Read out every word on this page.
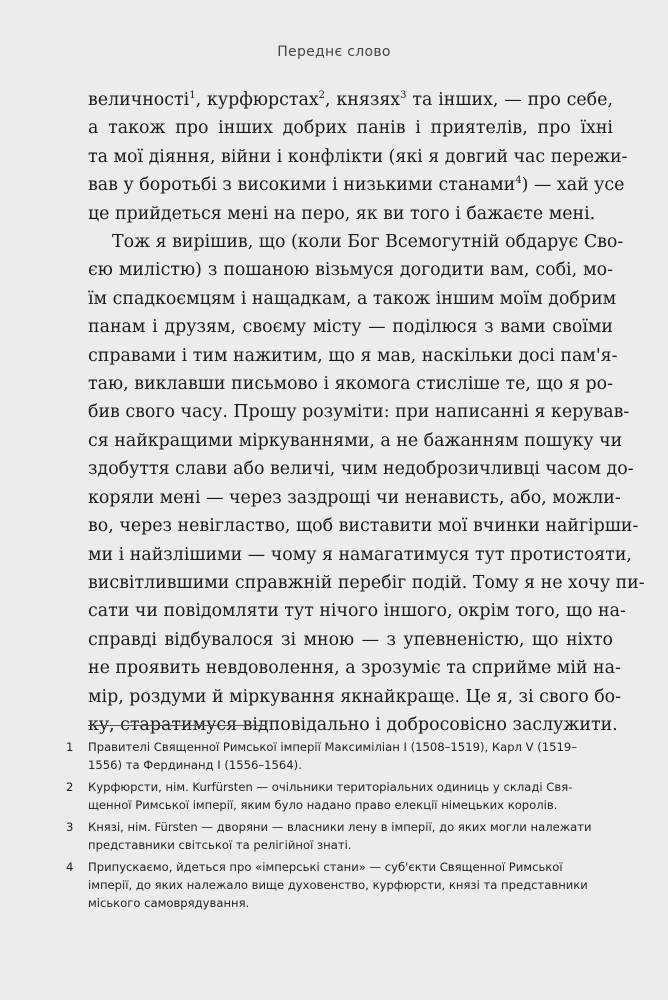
Переднє слово
величності$^1$, курфюрстах$^2$, князях$^3$ та інших, — про себе,
а також про інших добрих панів і приятелів, про їхні
та мої діяння, війни і конфлікти (які я довгий час пережи-
вав у боротьбі з високими і низькими станами$^4$) — хай усе
це прийдеться мені на перо, як ви того і бажаєте мені.
Тож я вирішив, що (коли Бог Всемогутній обдарує Сво-
єю милістю) з пошаною візьмуся догодити вам, собі, мо-
їм спадкоємцям і нащадкам, а також іншим моїм добрим
панам і друзям, своєму місту — поділюся з вами своїми
справами і тим нажитим, що я мав, наскільки досі пам'я-
таю, виклавши письмово і якомога стисліше те, що я ро-
бив свого часу. Прошу розуміти: при написанні я керував-
ся найкращими міркуваннями, а не бажанням пошуку чи
здобуття слави або величі, чим недоброзичливці часом до-
коряли мені — через заздрощі чи ненависть, або, можли-
во, через невігластво, щоб виставити мої вчинки найгірши-
ми і найзлішими — чому я намагатимуся тут протистояти,
висвітлившими справжній перебіг подій. Тому я не хочу пи-
сати чи повідомляти тут нічого іншого, окрім того, що на-
справді відбувалося зі мною — з упевненістю, що ніхто
не проявить невдоволення, а зрозуміє та сприйме мій на-
мір, роздуми й міркування якнайкраще. Це я, зі свого бо-
ку, старатимуся відповідально і добросовісно заслужити.
1 Правителі Священної Римської імперії Максиміліан I (1508–1519), Карл V (1519–
1556) та Фердинанд I (1556–1564).
2 Курфюрсти, нім. Kurfürsten — очільники територіальних одиниць у складі Свя-
щенної Римської імперії, яким було надано право елекції німецьких королів.
3 Князі, нім. Fürsten — дворяни — власники лену в імперії, до яких могли належати
представники світської та релігійної знаті.
4 Припускаємо, йдеться про «імперські стани» — суб'єкти Священної Римської
імперії, до яких належало вище духовенство, курфюрсти, князі та представники
міського самоврядування.
